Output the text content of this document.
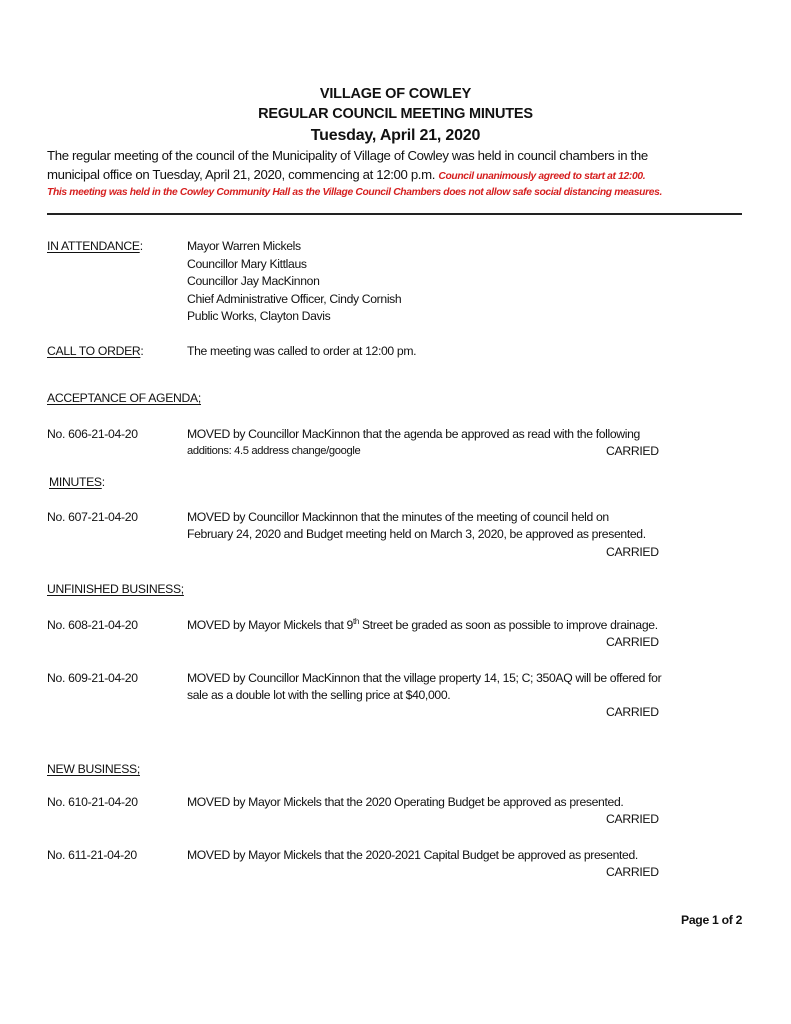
VILLAGE OF COWLEY
REGULAR COUNCIL MEETING MINUTES
Tuesday, April 21, 2020
The regular meeting of the council of the Municipality of Village of Cowley was held in council chambers in the
municipal office on Tuesday, April 21, 2020, commencing at 12:00 p.m. Council unanimously agreed to start at 12:00.
This meeting was held in the Cowley Community Hall as the Village Council Chambers does not allow safe social distancing measures.
IN ATTENDANCE:	Mayor Warren Mickels
Councillor Mary Kittlaus
Councillor Jay MacKinnon
Chief Administrative Officer, Cindy Cornish
Public Works, Clayton Davis
CALL TO ORDER:	The meeting was called to order at 12:00 pm.
ACCEPTANCE OF AGENDA;
No. 606-21-04-20	MOVED by Councillor MacKinnon that the agenda be approved as read with the following
additions: 4.5 address change/google	CARRIED
MINUTES:
No. 607-21-04-20	MOVED by Councillor Mackinnon that the minutes of the meeting of council held on
February 24, 2020 and Budget meeting held on March 3, 2020, be approved as presented.
CARRIED
UNFINISHED BUSINESS;
No. 608-21-04-20	MOVED by Mayor Mickels that 9th Street be graded as soon as possible to improve drainage.
CARRIED
No. 609-21-04-20	MOVED by Councillor MacKinnon that the village property 14, 15; C; 350AQ will be offered for
sale as a double lot with the selling price at $40,000.
CARRIED
NEW BUSINESS;
No. 610-21-04-20	MOVED by Mayor Mickels that the 2020 Operating Budget be approved as presented.
CARRIED
No. 611-21-04-20	MOVED by Mayor Mickels that the 2020-2021 Capital Budget be approved as presented.
CARRIED
Page 1 of 2
